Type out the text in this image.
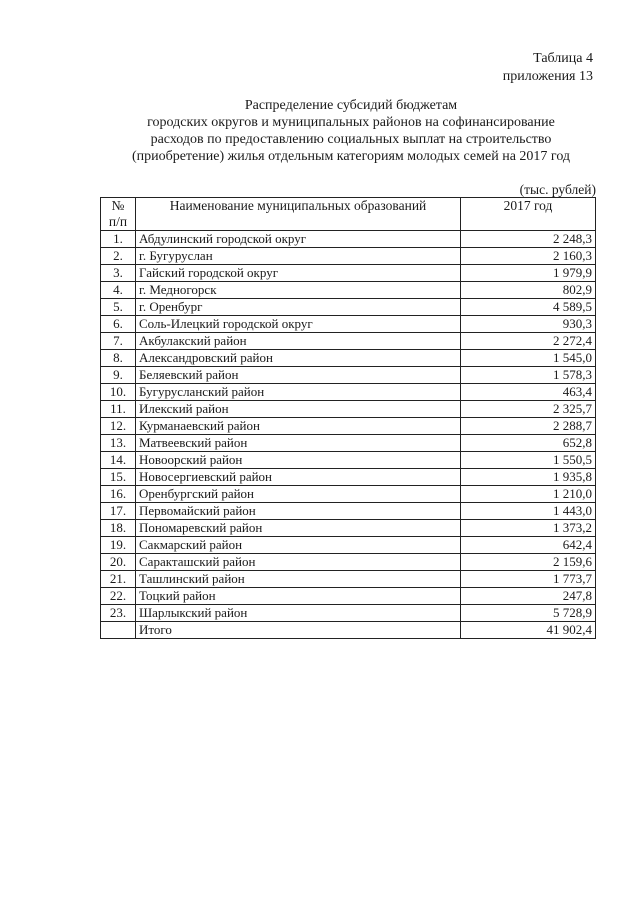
Таблица 4
приложения 13
Распределение субсидий бюджетам
городских округов и муниципальных районов на софинансирование
расходов по предоставлению социальных выплат на строительство
(приобретение) жилья отдельным категориям молодых семей на 2017 год
(тыс. рублей)
№
п/п	Наименование муниципальных образований	2017 год
1.	Абдулинский городской округ	2 248,3
2.	г. Бугуруслан	2 160,3
3.	Гайский городской округ	1 979,9
4.	г. Медногорск	802,9
5.	г. Оренбург	4 589,5
6.	Соль-Илецкий городской округ	930,3
7.	Акбулакский район	2 272,4
8.	Александровский район	1 545,0
9.	Беляевский район	1 578,3
10.	Бугурусланский район	463,4
11.	Илекский район	2 325,7
12.	Курманаевский район	2 288,7
13.	Матвеевский район	652,8
14.	Новоорский район	1 550,5
15.	Новосергиевский район	1 935,8
16.	Оренбургский район	1 210,0
17.	Первомайский район	1 443,0
18.	Пономаревский район	1 373,2
19.	Сакмарский район	642,4
20.	Саракташский район	2 159,6
21.	Ташлинский район	1 773,7
22.	Тоцкий район	247,8
23.	Шарлыкский район	5 728,9
	Итого	41 902,4
